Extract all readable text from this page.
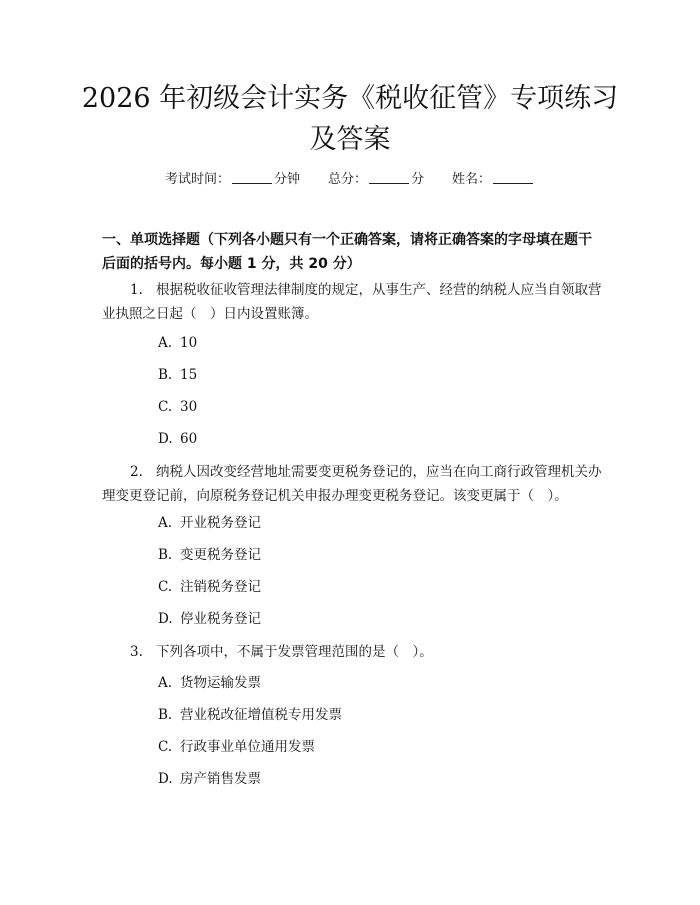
2026 年初级会计实务《税收征管》专项练习
及答案
考试时间：	分钟 总分：	分 姓名：

一、单项选择题（下列各小题只有一个正确答案，请将正确答案的字母填在题干后面的括号内。每小题 1 分，共 20 分）

1. 根据税收征收管理法律制度的规定，从事生产、经营的纳税人应当自领取营业执照之日起（　）日内设置账簿。

A. 10
B. 15
C. 30
D. 60

2. 纳税人因改变经营地址需要变更税务登记的，应当在向工商行政管理机关办理变更登记前，向原税务登记机关申报办理变更税务登记。该变更属于（　）。

A. 开业税务登记
B. 变更税务登记
C. 注销税务登记
D. 停业税务登记

3. 下列各项中，不属于发票管理范围的是（　）。

A. 货物运输发票
B. 营业税改征增值税专用发票
C. 行政事业单位通用发票
D. 房产销售发票
